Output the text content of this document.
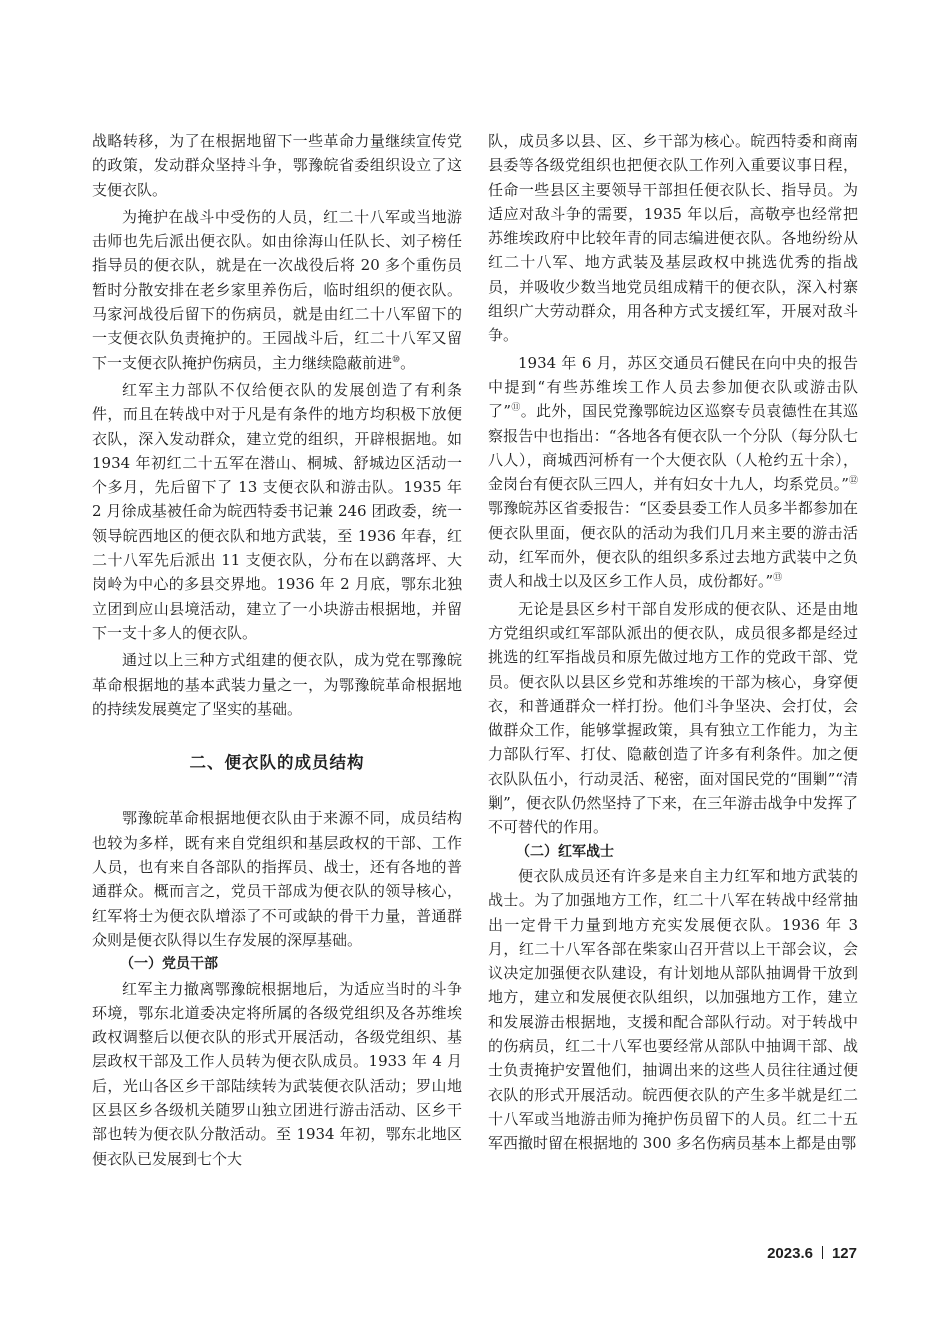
战略转移，为了在根据地留下一些革命力量继续宣传党的政策，发动群众坚持斗争，鄂豫皖省委组织设立了这支便衣队。

为掩护在战斗中受伤的人员，红二十八军或当地游击师也先后派出便衣队。如由徐海山任队长、刘子榜任指导员的便衣队，就是在一次战役后将 20 多个重伤员暂时分散安排在老乡家里养伤后，临时组织的便衣队。马家河战役后留下的伤病员，就是由红二十八军留下的一支便衣队负责掩护的。王园战斗后，红二十八军又留下一支便衣队掩护伤病员，主力继续隐蔽前进⑩。

红军主力部队不仅给便衣队的发展创造了有利条件，而且在转战中对于凡是有条件的地方均积极下放便衣队，深入发动群众，建立党的组织，开辟根据地。如 1934 年初红二十五军在潜山、桐城、舒城边区活动一个多月，先后留下了 13 支便衣队和游击队。1935 年 2 月徐成基被任命为皖西特委书记兼 246 团政委，统一领导皖西地区的便衣队和地方武装，至 1936 年春，红二十八军先后派出 11 支便衣队，分布在以鹞落坪、大岗岭为中心的多县交界地。1936 年 2 月底，鄂东北独立团到应山县境活动，建立了一小块游击根据地，并留下一支十多人的便衣队。

通过以上三种方式组建的便衣队，成为党在鄂豫皖革命根据地的基本武装力量之一，为鄂豫皖革命根据地的持续发展奠定了坚实的基础。

二、便衣队的成员结构

鄂豫皖革命根据地便衣队由于来源不同，成员结构也较为多样，既有来自党组织和基层政权的干部、工作人员，也有来自各部队的指挥员、战士，还有各地的普通群众。概而言之，党员干部成为便衣队的领导核心，红军将士为便衣队增添了不可或缺的骨干力量，普通群众则是便衣队得以生存发展的深厚基础。

（一）党员干部

红军主力撤离鄂豫皖根据地后，为适应当时的斗争环境，鄂东北道委决定将所属的各级党组织及各苏维埃政权调整后以便衣队的形式开展活动，各级党组织、基层政权干部及工作人员转为便衣队成员。1933 年 4 月后，光山各区乡干部陆续转为武装便衣队活动；罗山地区县区乡各级机关随罗山独立团进行游击活动、区乡干部也转为便衣队分散活动。至 1934 年初，鄂东北地区便衣队已发展到七个大

队，成员多以县、区、乡干部为核心。皖西特委和商南县委等各级党组织也把便衣队工作列入重要议事日程，任命一些县区主要领导干部担任便衣队长、指导员。为适应对敌斗争的需要，1935 年以后，高敬亭也经常把苏维埃政府中比较年青的同志编进便衣队。各地纷纷从红二十八军、地方武装及基层政权中挑选优秀的指战员，并吸收少数当地党员组成精干的便衣队，深入村寨组织广大劳动群众，用各种方式支援红军，开展对敌斗争。

1934 年 6 月，苏区交通员石健民在向中央的报告中提到“有些苏维埃工作人员去参加便衣队或游击队了”⑪。此外，国民党豫鄂皖边区巡察专员袁德性在其巡察报告中也指出：“各地各有便衣队一个分队（每分队七八人），商城西河桥有一个大便衣队（人枪约五十余），金岗台有便衣队三四人，并有妇女十九人，均系党员。”⑫ 鄂豫皖苏区省委报告：“区委县委工作人员多半都参加在便衣队里面，便衣队的活动为我们几月来主要的游击活动，红军而外，便衣队的组织多系过去地方武装中之负责人和战士以及区乡工作人员，成份都好。”⑬

无论是县区乡村干部自发形成的便衣队、还是由地方党组织或红军部队派出的便衣队，成员很多都是经过挑选的红军指战员和原先做过地方工作的党政干部、党员。便衣队以县区乡党和苏维埃的干部为核心，身穿便衣，和普通群众一样打扮。他们斗争坚决、会打仗，会做群众工作，能够掌握政策，具有独立工作能力，为主力部队行军、打仗、隐蔽创造了许多有利条件。加之便衣队队伍小，行动灵活、秘密，面对国民党的“围剿”“清剿”，便衣队仍然坚持了下来，在三年游击战争中发挥了不可替代的作用。

（二）红军战士

便衣队成员还有许多是来自主力红军和地方武装的战士。为了加强地方工作，红二十八军在转战中经常抽出一定骨干力量到地方充实发展便衣队。1936 年 3 月，红二十八军各部在柴家山召开营以上干部会议，会议决定加强便衣队建设，有计划地从部队抽调骨干放到地方，建立和发展便衣队组织，以加强地方工作，建立和发展游击根据地，支援和配合部队行动。对于转战中的伤病员，红二十八军也要经常从部队中抽调干部、战士负责掩护安置他们，抽调出来的这些人员往往通过便衣队的形式开展活动。皖西便衣队的产生多半就是红二十八军或当地游击师为掩护伤员留下的人员。红二十五军西撤时留在根据地的 300 多名伤病员基本上都是由鄂

2023.6 127
